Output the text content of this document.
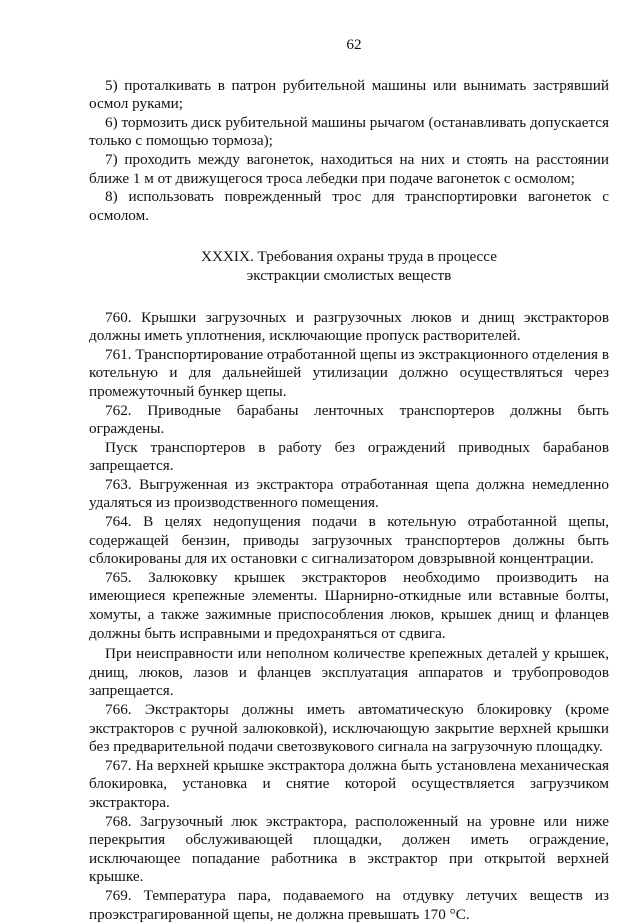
62

5) проталкивать в патрон рубительной машины или вынимать застрявший осмол руками;

6) тормозить диск рубительной машины рычагом (останавливать допускается только с помощью тормоза);

7) проходить между вагонеток, находиться на них и стоять на расстоянии ближе 1 м от движущегося троса лебедки при подаче вагонеток с осмолом;

8) использовать поврежденный трос для транспортировки вагонеток с осмолом.

XXXIX. Требования охраны труда в процессе
экстракции смолистых веществ

760. Крышки загрузочных и разгрузочных люков и днищ экстракторов должны иметь уплотнения, исключающие пропуск растворителей.

761. Транспортирование отработанной щепы из экстракционного отделения в котельную и для дальнейшей утилизации должно осуществляться через промежуточный бункер щепы.

762. Приводные барабаны ленточных транспортеров должны быть ограждены.

Пуск транспортеров в работу без ограждений приводных барабанов запрещается.

763. Выгруженная из экстрактора отработанная щепа должна немедленно удаляться из производственного помещения.

764. В целях недопущения подачи в котельную отработанной щепы, содержащей бензин, приводы загрузочных транспортеров должны быть сблокированы для их остановки с сигнализатором довзрывной концентрации.

765. Залюковку крышек экстракторов необходимо производить на имеющиеся крепежные элементы. Шарнирно-откидные или вставные болты, хомуты, а также зажимные приспособления люков, крышек днищ и фланцев должны быть исправными и предохраняться от сдвига.

При неисправности или неполном количестве крепежных деталей у крышек, днищ, люков, лазов и фланцев эксплуатация аппаратов и трубопроводов запрещается.

766. Экстракторы должны иметь автоматическую блокировку (кроме экстракторов с ручной залюковкой), исключающую закрытие верхней крышки без предварительной подачи светозвукового сигнала на загрузочную площадку.

767. На верхней крышке экстрактора должна быть установлена механическая блокировка, установка и снятие которой осуществляется загрузчиком экстрактора.

768. Загрузочный люк экстрактора, расположенный на уровне или ниже перекрытия обслуживающей площадки, должен иметь ограждение, исключающее попадание работника в экстрактор при открытой верхней крышке.

769. Температура пара, подаваемого на отдувку летучих веществ из проэкстрагированной щепы, не должна превышать 170 °С.
